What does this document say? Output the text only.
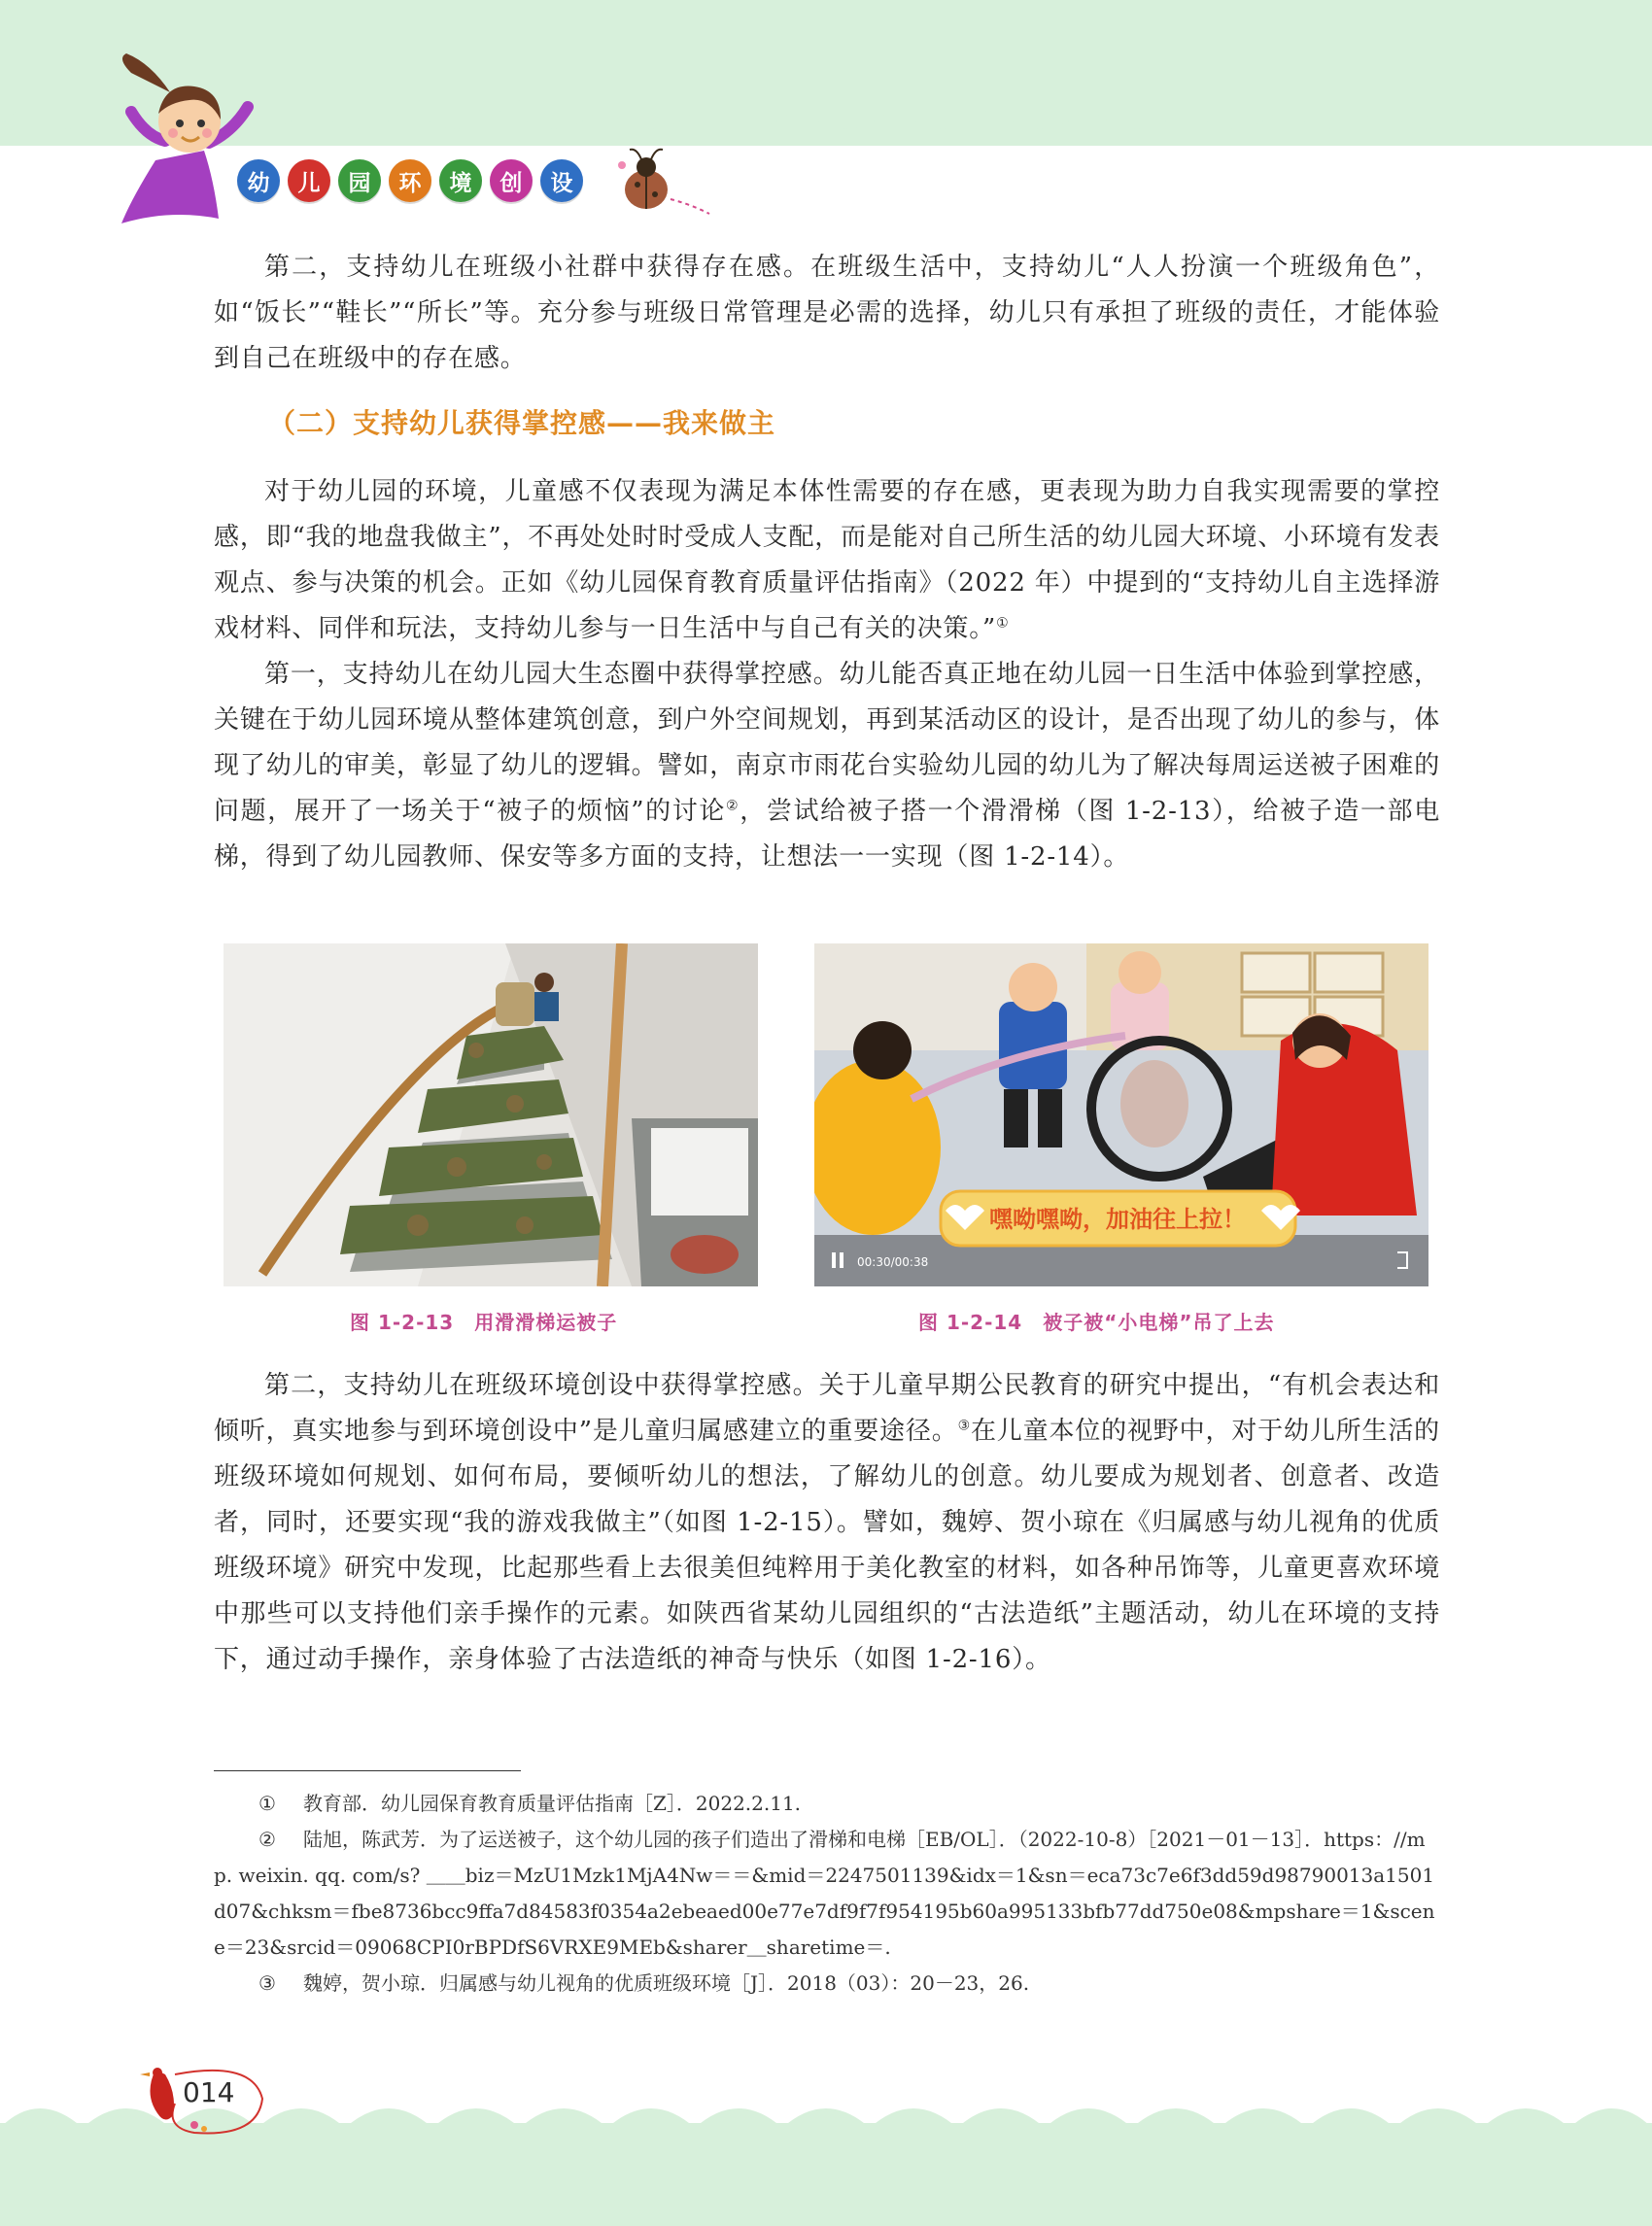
幼	儿	园	环	境	创	设

第二，支持幼儿在班级小社群中获得存在感。在班级生活中，支持幼儿“人人扮演一个班级角色”，如“饭长”“鞋长”“所长”等。充分参与班级日常管理是必需的选择，幼儿只有承担了班级的责任，才能体验到自己在班级中的存在感。

（二）支持幼儿获得掌控感——我来做主

对于幼儿园的环境，儿童感不仅表现为满足本体性需要的存在感，更表现为助力自我实现需要的掌控感，即“我的地盘我做主”，不再处处时时受成人支配，而是能对自己所生活的幼儿园大环境、小环境有发表观点、参与决策的机会。正如《幼儿园保育教育质量评估指南》（2022 年）中提到的“支持幼儿自主选择游戏材料、同伴和玩法，支持幼儿参与一日生活中与自己有关的决策。”①

第一，支持幼儿在幼儿园大生态圈中获得掌控感。幼儿能否真正地在幼儿园一日生活中体验到掌控感，关键在于幼儿园环境从整体建筑创意，到户外空间规划，再到某活动区的设计，是否出现了幼儿的参与，体现了幼儿的审美，彰显了幼儿的逻辑。譬如，南京市雨花台实验幼儿园的幼儿为了解决每周运送被子困难的问题，展开了一场关于“被子的烦恼”的讨论②，尝试给被子搭一个滑滑梯（图 1-2-13），给被子造一部电梯，得到了幼儿园教师、保安等多方面的支持，让想法一一实现（图 1-2-14）。

嘿呦嘿呦，加油往上拉！
00:30/00:38
图 1-2-13　用滑滑梯运被子	图 1-2-14　被子被“小电梯”吊了上去

第二，支持幼儿在班级环境创设中获得掌控感。关于儿童早期公民教育的研究中提出，“有机会表达和倾听，真实地参与到环境创设中”是儿童归属感建立的重要途径。③在儿童本位的视野中，对于幼儿所生活的班级环境如何规划、如何布局，要倾听幼儿的想法，了解幼儿的创意。幼儿要成为规划者、创意者、改造者，同时，还要实现“我的游戏我做主”（如图 1-2-15）。譬如，魏婷、贺小琼在《归属感与幼儿视角的优质班级环境》研究中发现，比起那些看上去很美但纯粹用于美化教室的材料，如各种吊饰等，儿童更喜欢环境中那些可以支持他们亲手操作的元素。如陕西省某幼儿园组织的“古法造纸”主题活动，幼儿在环境的支持下，通过动手操作，亲身体验了古法造纸的神奇与快乐（如图 1-2-16）。

① 教育部．幼儿园保育教育质量评估指南［Z］．2022.2.11.

② 陆旭，陈武芳．为了运送被子，这个幼儿园的孩子们造出了滑梯和电梯［EB/OL］．（2022-10-8）［2021－01－13］．https：//mp. weixin. qq. com/s? ＿＿biz＝MzU1Mzk1MjA4Nw＝＝&mid＝2247501139&idx＝1&sn＝eca73c7e6f3dd59d98790013a1501d07&chksm＝fbe8736bcc9ffa7d84583f0354a2ebeaed00e77e7df9f7f954195b60a995133bfb77dd750e08&mpshare＝1&scene＝23&srcid＝09068CPI0rBPDfS6VRXE9MEb&sharer＿sharetime＝.

③ 魏婷，贺小琼．归属感与幼儿视角的优质班级环境［J］．2018（03）：20－23，26.

014
